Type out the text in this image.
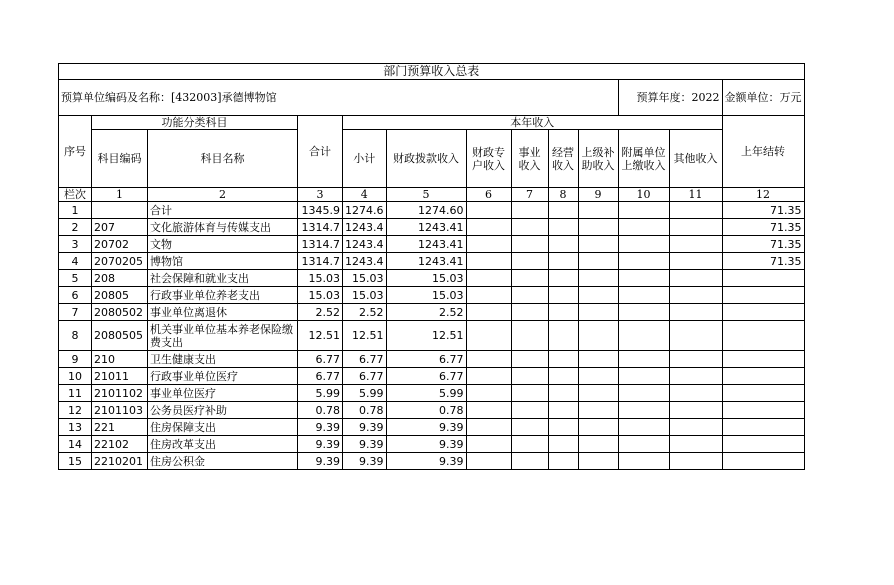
部门预算收入总表												
预算单位编码及名称：[432003]承德博物馆										预算年度：2022		金额单位：万元
序号	功能分类科目		合计	本年收入								上年结转
	科目编码	科目名称		小计	财政拨款收入	财政专户收入	事业收入	经营收入	上级补助收入	附属单位上缴收入	其他收入	

栏次	1	2	3	4	5	6	7	8	9	10	11	12
1		合计	1345.9	1274.6	1274.60							71.35
2	207	文化旅游体育与传媒支出	1314.7	1243.4	1243.41							71.35
3	20702	文物	1314.7	1243.4	1243.41							71.35
4	2070205	博物馆	1314.7	1243.4	1243.41							71.35
5	208	社会保障和就业支出	15.03	15.03	15.03							
6	20805	行政事业单位养老支出	15.03	15.03	15.03							
7	2080502	事业单位离退休	2.52	2.52	2.52							
8	2080505	机关事业单位基本养老保险缴费支出	12.51	12.51	12.51							
9	210	卫生健康支出	6.77	6.77	6.77							
10	21011	行政事业单位医疗	6.77	6.77	6.77							
11	2101102	事业单位医疗	5.99	5.99	5.99							
12	2101103	公务员医疗补助	0.78	0.78	0.78							
13	221	住房保障支出	9.39	9.39	9.39							
14	22102	住房改革支出	9.39	9.39	9.39							
15	2210201	住房公积金	9.39	9.39	9.39							
